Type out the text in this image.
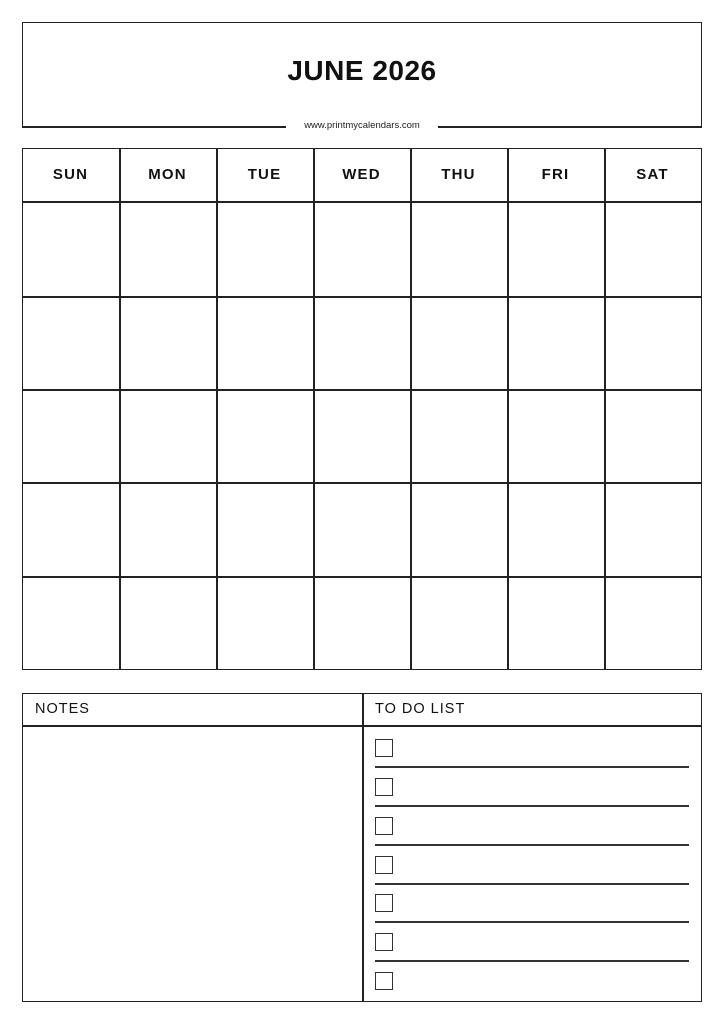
JUNE 2026
www.printmycalendars.com
SUN	MON	TUE	WED	THU	FRI	SAT
NOTES	TO DO LIST
